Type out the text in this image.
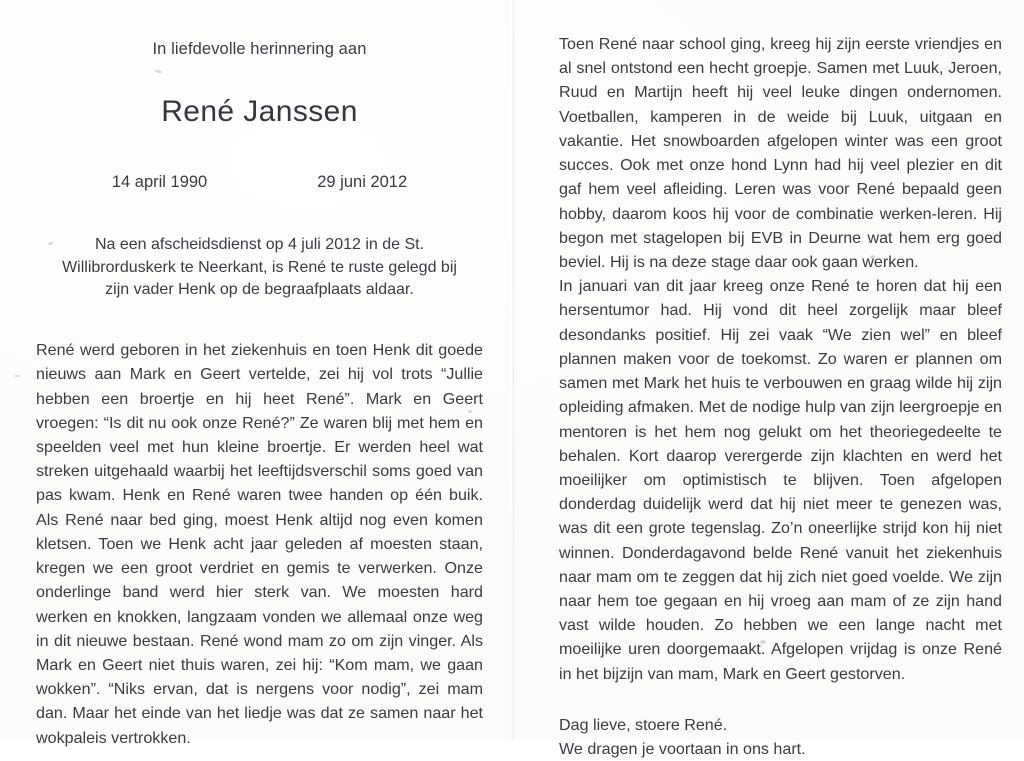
In liefdevolle herinnering aan

René Janssen
14 april 1990	29 juni 2012

Na een afscheidsdienst op 4 juli 2012 in de St. Willibrorduskerk te Neerkant, is René te ruste gelegd bij zijn vader Henk op de begraafplaats aldaar.

René werd geboren in het ziekenhuis en toen Henk dit goede nieuws aan Mark en Geert vertelde, zei hij vol trots “Jullie hebben een broertje en hij heet René”. Mark en Geert vroegen: “Is dit nu ook onze René?” Ze waren blij met hem en speelden veel met hun kleine broertje. Er werden heel wat streken uitgehaald waarbij het leeftijdsverschil soms goed van pas kwam. Henk en René waren twee handen op één buik. Als René naar bed ging, moest Henk altijd nog even komen kletsen. Toen we Henk acht jaar geleden af moesten staan, kregen we een groot verdriet en gemis te verwerken. Onze onderlinge band werd hier sterk van. We moesten hard werken en knokken, langzaam vonden we allemaal onze weg in dit nieuwe bestaan. René wond mam zo om zijn vinger. Als Mark en Geert niet thuis waren, zei hij: “Kom mam, we gaan wokken”. “Niks ervan, dat is nergens voor nodig”, zei mam dan. Maar het einde van het liedje was dat ze samen naar het wokpaleis vertrokken.

Toen René naar school ging, kreeg hij zijn eerste vriendjes en al snel ontstond een hecht groepje. Samen met Luuk, Jeroen, Ruud en Martijn heeft hij veel leuke dingen ondernomen. Voetballen, kamperen in de weide bij Luuk, uitgaan en vakantie. Het snowboarden afgelopen winter was een groot succes. Ook met onze hond Lynn had hij veel plezier en dit gaf hem veel afleiding. Leren was voor René bepaald geen hobby, daarom koos hij voor de combinatie werken-leren. Hij begon met stagelopen bij EVB in Deurne wat hem erg goed beviel. Hij is na deze stage daar ook gaan werken.

In januari van dit jaar kreeg onze René te horen dat hij een hersentumor had. Hij vond dit heel zorgelijk maar bleef desondanks positief. Hij zei vaak “We zien wel” en bleef plannen maken voor de toekomst. Zo waren er plannen om samen met Mark het huis te verbouwen en graag wilde hij zijn opleiding afmaken. Met de nodige hulp van zijn leergroepje en mentoren is het hem nog gelukt om het theoriegedeelte te behalen. Kort daarop verergerde zijn klachten en werd het moeilijker om optimistisch te blijven. Toen afgelopen donderdag duidelijk werd dat hij niet meer te genezen was, was dit een grote tegenslag. Zo’n oneerlijke strijd kon hij niet winnen. Donderdagavond belde René vanuit het ziekenhuis naar mam om te zeggen dat hij zich niet goed voelde. We zijn naar hem toe gegaan en hij vroeg aan mam of ze zijn hand vast wilde houden. Zo hebben we een lange nacht met moeilijke uren doorgemaakt. Afgelopen vrijdag is onze René in het bijzijn van mam, Mark en Geert gestorven.

Dag lieve, stoere René.
We dragen je voortaan in ons hart.
